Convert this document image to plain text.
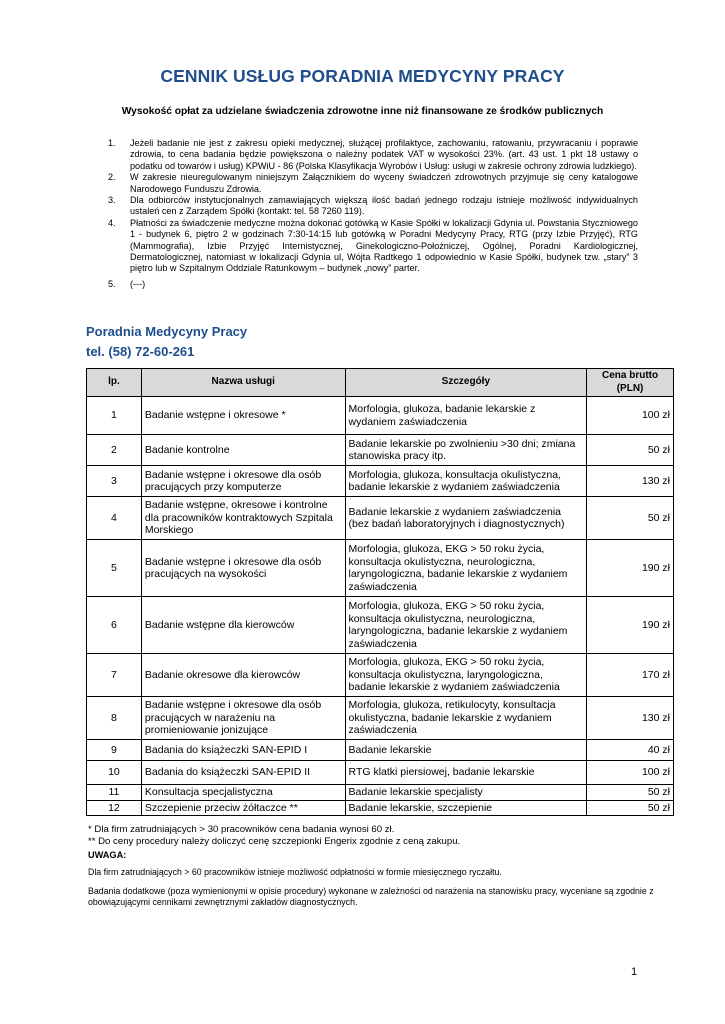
CENNIK USŁUG PORADNIA MEDYCYNY PRACY
Wysokość opłat za udzielane świadczenia zdrowotne inne niż finansowane ze środków publicznych
1. Jeżeli badanie nie jest z zakresu opieki medycznej, służącej profilaktyce, zachowaniu, ratowaniu, przywracaniu i poprawie zdrowia, to cena badania będzie powiększona o należny podatek VAT w wysokości 23%. (art. 43 ust. 1 pkt 18 ustawy o podatku od towarów i usług) KPWiU - 86 (Polska Klasyfikacja Wyrobów i Usług: usługi w zakresie ochrony zdrowia ludzkiego).
2. W zakresie nieuregulowanym niniejszym Załącznikiem do wyceny świadczeń zdrowotnych przyjmuje się ceny katalogowe Narodowego Funduszu Zdrowia.
3. Dla odbiorców instytucjonalnych zamawiających większą ilość badań jednego rodzaju istnieje możliwość indywidualnych ustaleń cen z Zarządem Spółki (kontakt: tel. 58 7260 119).
4. Płatności za świadczenie medyczne można dokonać gotówką w Kasie Spółki w lokalizacji Gdynia ul. Powstania Styczniowego 1 - budynek 6, piętro 2 w godzinach 7:30-14:15 lub gotówką w Poradni Medycyny Pracy, RTG (przy Izbie Przyjęć), RTG (Mammografia), Izbie Przyjęć Internistycznej, Ginekologiczno-Położniczej, Ogólnej, Poradni Kardiologicznej, Dermatologicznej, natomiast w lokalizacji Gdynia ul, Wójta Radtkego 1 odpowiednio w Kasie Spółki, budynek tzw. „stary” 3 piętro lub w Szpitalnym Oddziale Ratunkowym – budynek „nowy” parter.
5. (---)
Poradnia Medycyny Pracy
tel. (58) 72-60-261
lp.	Nazwa usługi	Szczegóły	Cena brutto
(PLN)
1	Badanie wstępne i okresowe *	Morfologia, glukoza, badanie lekarskie z wydaniem zaświadczenia	100 zł
2	Badanie kontrolne	Badanie lekarskie po zwolnieniu >30 dni; zmiana stanowiska pracy itp.	50 zł
3	Badanie wstępne i okresowe dla osób pracujących przy komputerze	Morfologia, glukoza, konsultacja okulistyczna, badanie lekarskie z wydaniem zaświadczenia	130 zł
4	Badanie wstępne, okresowe i kontrolne dla pracowników kontraktowych Szpitala Morskiego	Badanie lekarskie z wydaniem zaświadczenia (bez badań laboratoryjnych i diagnostycznych)	50 zł
5	Badanie wstępne i okresowe dla osób pracujących na wysokości	Morfologia, glukoza, EKG > 50 roku życia, konsultacja okulistyczna, neurologiczna, laryngologiczna, badanie lekarskie z wydaniem zaświadczenia	190 zł
6	Badanie wstępne dla kierowców	Morfologia, glukoza, EKG > 50 roku życia, konsultacja okulistyczna, neurologiczna, laryngologiczna, badanie lekarskie z wydaniem zaświadczenia	190 zł
7	Badanie okresowe dla kierowców	Morfologia, glukoza, EKG > 50 roku życia, konsultacja okulistyczna, laryngologiczna, badanie lekarskie z wydaniem zaświadczenia	170 zł
8	Badanie wstępne i okresowe dla osób pracujących w narażeniu na promieniowanie jonizujące	Morfologia, glukoza, retikulocyty, konsultacja okulistyczna, badanie lekarskie z wydaniem zaświadczenia	130 zł
9	Badania do książeczki SAN-EPID I	Badanie lekarskie	40 zł
10	Badania do książeczki SAN-EPID II	RTG klatki piersiowej, badanie lekarskie	100 zł
11	Konsultacja specjalistyczna	Badanie lekarskie specjalisty	50 zł
12	Szczepienie przeciw żółtaczce **	Badanie lekarskie, szczepienie	50 zł

* Dla firm zatrudniających > 30 pracowników cena badania wynosi 60 zł.

** Do ceny procedury należy doliczyć cenę szczepionki Engerix zgodnie z ceną zakupu.

UWAGA:

Dla firm zatrudniających > 60 pracowników istnieje możliwość odpłatności w formie miesięcznego ryczałtu.

Badania dodatkowe (poza wymienionymi w opisie procedury) wykonane w zależności od narażenia na stanowisku pracy, wyceniane są zgodnie z obowiązującymi cennikami zewnętrznymi zakładów diagnostycznych.

1
